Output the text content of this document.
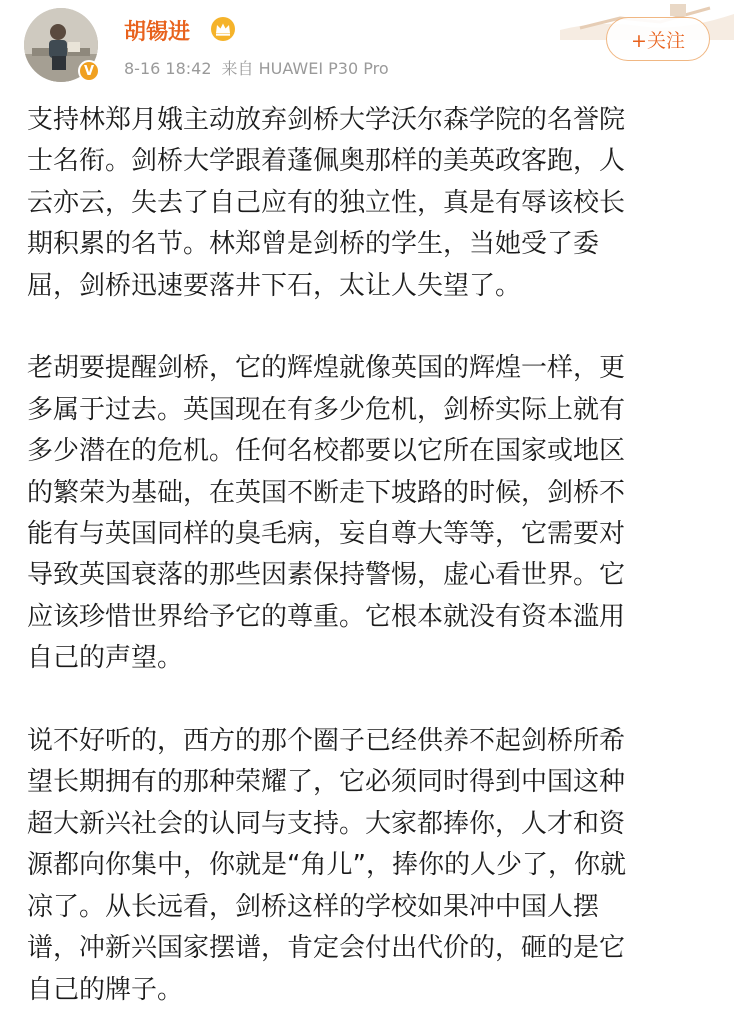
V
胡锡进
8-16 18:42 来自 HUAWEI P30 Pro
+关注

支持林郑月娥主动放弃剑桥大学沃尔森学院的名誉院
士名衔。剑桥大学跟着蓬佩奥那样的美英政客跑，人
云亦云，失去了自己应有的独立性，真是有辱该校长
期积累的名节。林郑曾是剑桥的学生，当她受了委
屈，剑桥迅速要落井下石，太让人失望了。

老胡要提醒剑桥，它的辉煌就像英国的辉煌一样，更
多属于过去。英国现在有多少危机，剑桥实际上就有
多少潜在的危机。任何名校都要以它所在国家或地区
的繁荣为基础，在英国不断走下坡路的时候，剑桥不
能有与英国同样的臭毛病，妄自尊大等等，它需要对
导致英国衰落的那些因素保持警惕，虚心看世界。它
应该珍惜世界给予它的尊重。它根本就没有资本滥用
自己的声望。

说不好听的，西方的那个圈子已经供养不起剑桥所希
望长期拥有的那种荣耀了，它必须同时得到中国这种
超大新兴社会的认同与支持。大家都捧你，人才和资
源都向你集中，你就是“角儿”，捧你的人少了，你就
凉了。从长远看，剑桥这样的学校如果冲中国人摆
谱，冲新兴国家摆谱，肯定会付出代价的，砸的是它
自己的牌子。
